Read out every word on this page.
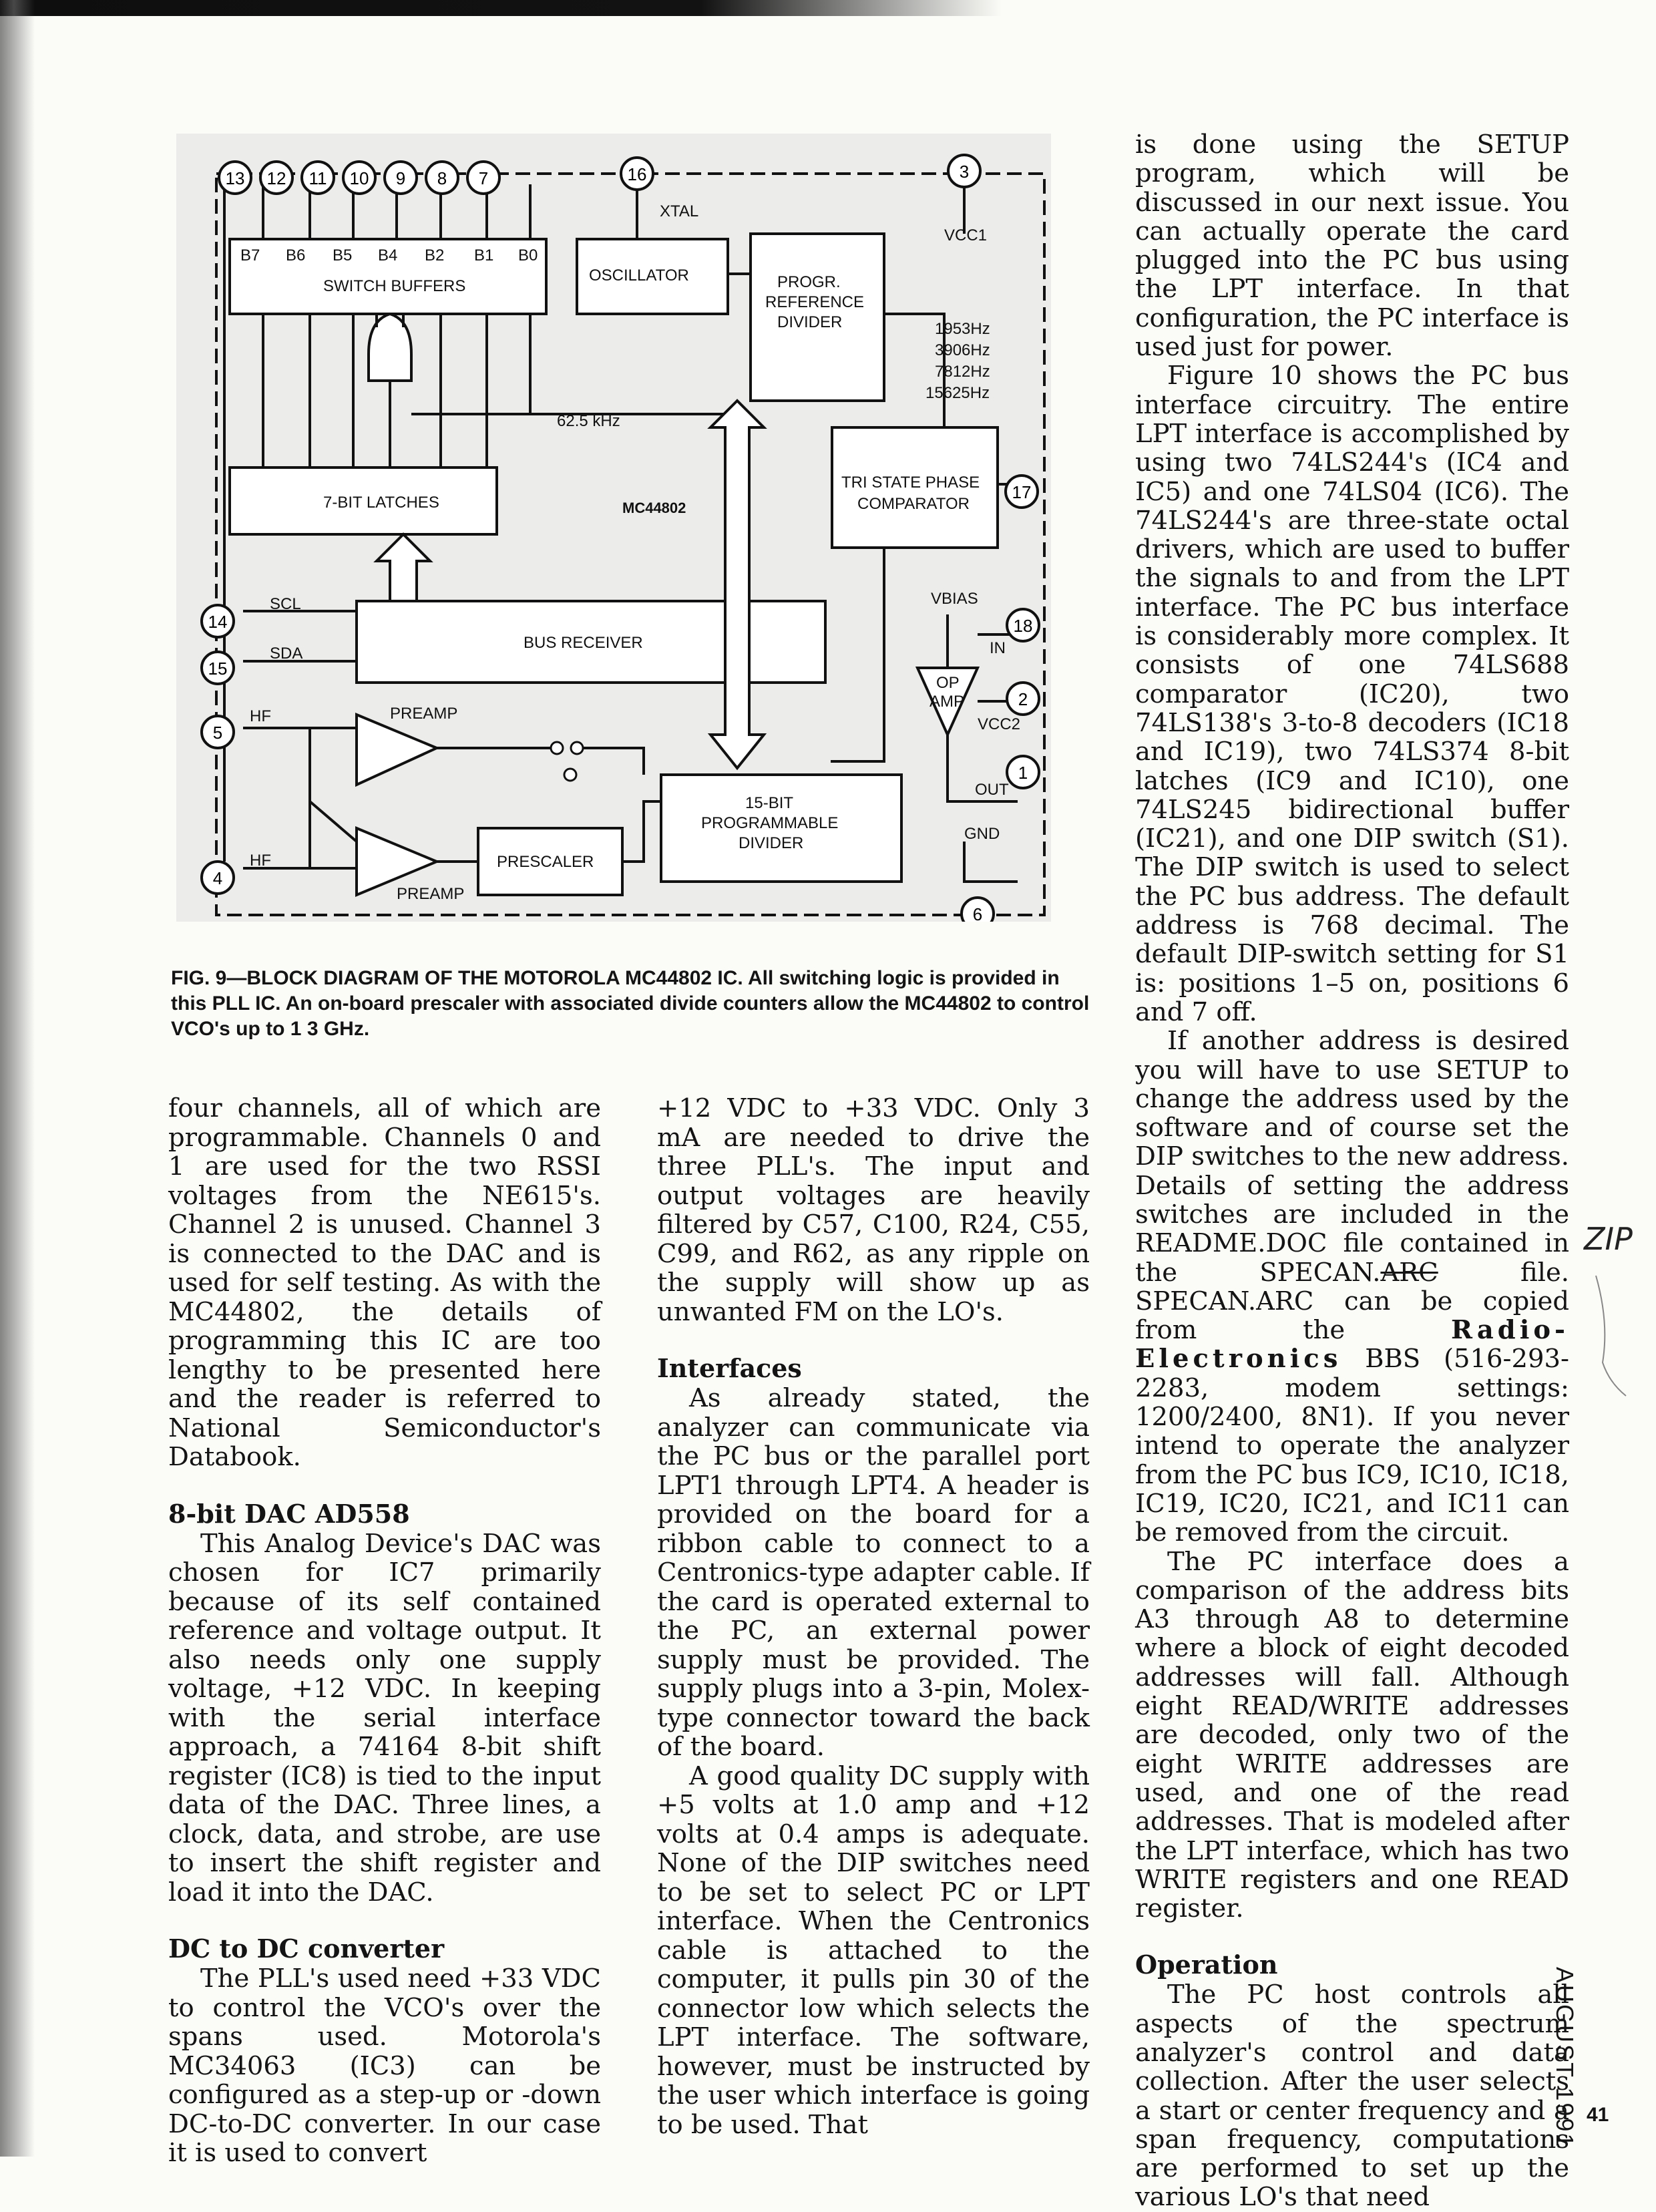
13 12 11 10 9 8 7	16	3
17
14
15
18
5
2
1
4
6
B7 B6 B5 B4 B2 B1 B0
SWITCH BUFFERS
OSCILLATOR
XTAL
VCC1
PROGR.
REFERENCE
DIVIDER	1953Hz
3906Hz
7812Hz
15625Hz
62.5 kHz
7-BIT LATCHES	MC44802
TRI STATE PHASE
COMPARATOR
SCL
SDA
BUS RECEIVER
VBIAS
IN
OP
AMP
VCC2
OUT
GND
HF
HF
PREAMP
PREAMP
PRESCALER
15-BIT
PROGRAMMABLE
DIVIDER

FIG. 9—BLOCK DIAGRAM OF THE MOTOROLA MC44802 IC. All switching logic is provided in this PLL IC. An on-board prescaler with associated divide counters allow the MC44802 to control VCO's up to 1 3 GHz.

four channels, all of which are programmable. Channels 0 and 1 are used for the two RSSI voltages from the NE615's. Channel 2 is unused. Channel 3 is connected to the DAC and is used for self testing. As with the MC44802, the details of programming this IC are too lengthy to be presented here and the reader is referred to National Semiconductor's Databook.

8-bit DAC AD558

This Analog Device's DAC was chosen for IC7 primarily because of its self contained reference and voltage output. It also needs only one supply voltage, +12 VDC. In keeping with the serial interface approach, a 74164 8-bit shift register (IC8) is tied to the input data of the DAC. Three lines, a clock, data, and strobe, are use to insert the shift register and load it into the DAC.

DC to DC converter

The PLL's used need +33 VDC to control the VCO's over the spans used. Motorola's MC34063 (IC3) can be configured as a step-up or -down DC-to-DC converter. In our case it is used to convert

+12 VDC to +33 VDC. Only 3 mA are needed to drive the three PLL's. The input and output voltages are heavily filtered by C57, C100, R24, C55, C99, and R62, as any ripple on the supply will show up as unwanted FM on the LO's.

Interfaces

As already stated, the analyzer can communicate via the PC bus or the parallel port LPT1 through LPT4. A header is provided on the board for a ribbon cable to connect to a Centronics-type adapter cable. If the card is operated external to the PC, an external power supply must be provided. The supply plugs into a 3-pin, Molex-type connector toward the back of the board.

A good quality DC supply with +5 volts at 1.0 amp and +12 volts at 0.4 amps is adequate. None of the DIP switches need to be set to select PC or LPT interface. When the Centronics cable is attached to the computer, it pulls pin 30 of the connector low which selects the LPT interface. The software, however, must be instructed by the user which interface is going to be used. That

is done using the SETUP program, which will be discussed in our next issue. You can actually operate the card plugged into the PC bus using the LPT interface. In that configuration, the PC interface is used just for power.

Figure 10 shows the PC bus interface circuitry. The entire LPT interface is accomplished by using two 74LS244's (IC4 and IC5) and one 74LS04 (IC6). The 74LS244's are three-state octal drivers, which are used to buffer the signals to and from the LPT interface. The PC bus interface is considerably more complex. It consists of one 74LS688 comparator (IC20), two 74LS138's 3-to-8 decoders (IC18 and IC19), two 74LS374 8-bit latches (IC9 and IC10), one 74LS245 bidirectional buffer (IC21), and one DIP switch (S1). The DIP switch is used to select the PC bus address. The default address is 768 decimal. The default DIP-switch setting for S1 is: positions 1–5 on, positions 6 and 7 off.

If another address is desired you will have to use SETUP to change the address used by the software and of course set the DIP switches to the new address. Details of setting the address switches are included in the README.DOC file contained in the SPECAN.ARC file. SPECAN.ARC can be copied from the Radio-Electronics BBS (516-293-2283, modem settings: 1200/2400, 8N1). If you never intend to operate the analyzer from the PC bus IC9, IC10, IC18, IC19, IC20, IC21, and IC11 can be removed from the circuit.

The PC interface does a comparison of the address bits A3 through A8 to determine where a block of eight decoded addresses will fall. Although eight READ/WRITE addresses are decoded, only two of the eight WRITE addresses are used, and one of the read addresses. That is modeled after the LPT interface, which has two WRITE registers and one READ register.

Operation

The PC host controls all aspects of the spectrum analyzer's control and data collection. After the user selects a start or center frequency and a span frequency, computations are performed to set up the various LO's that need

ZIP
AUGUST 1991 41
